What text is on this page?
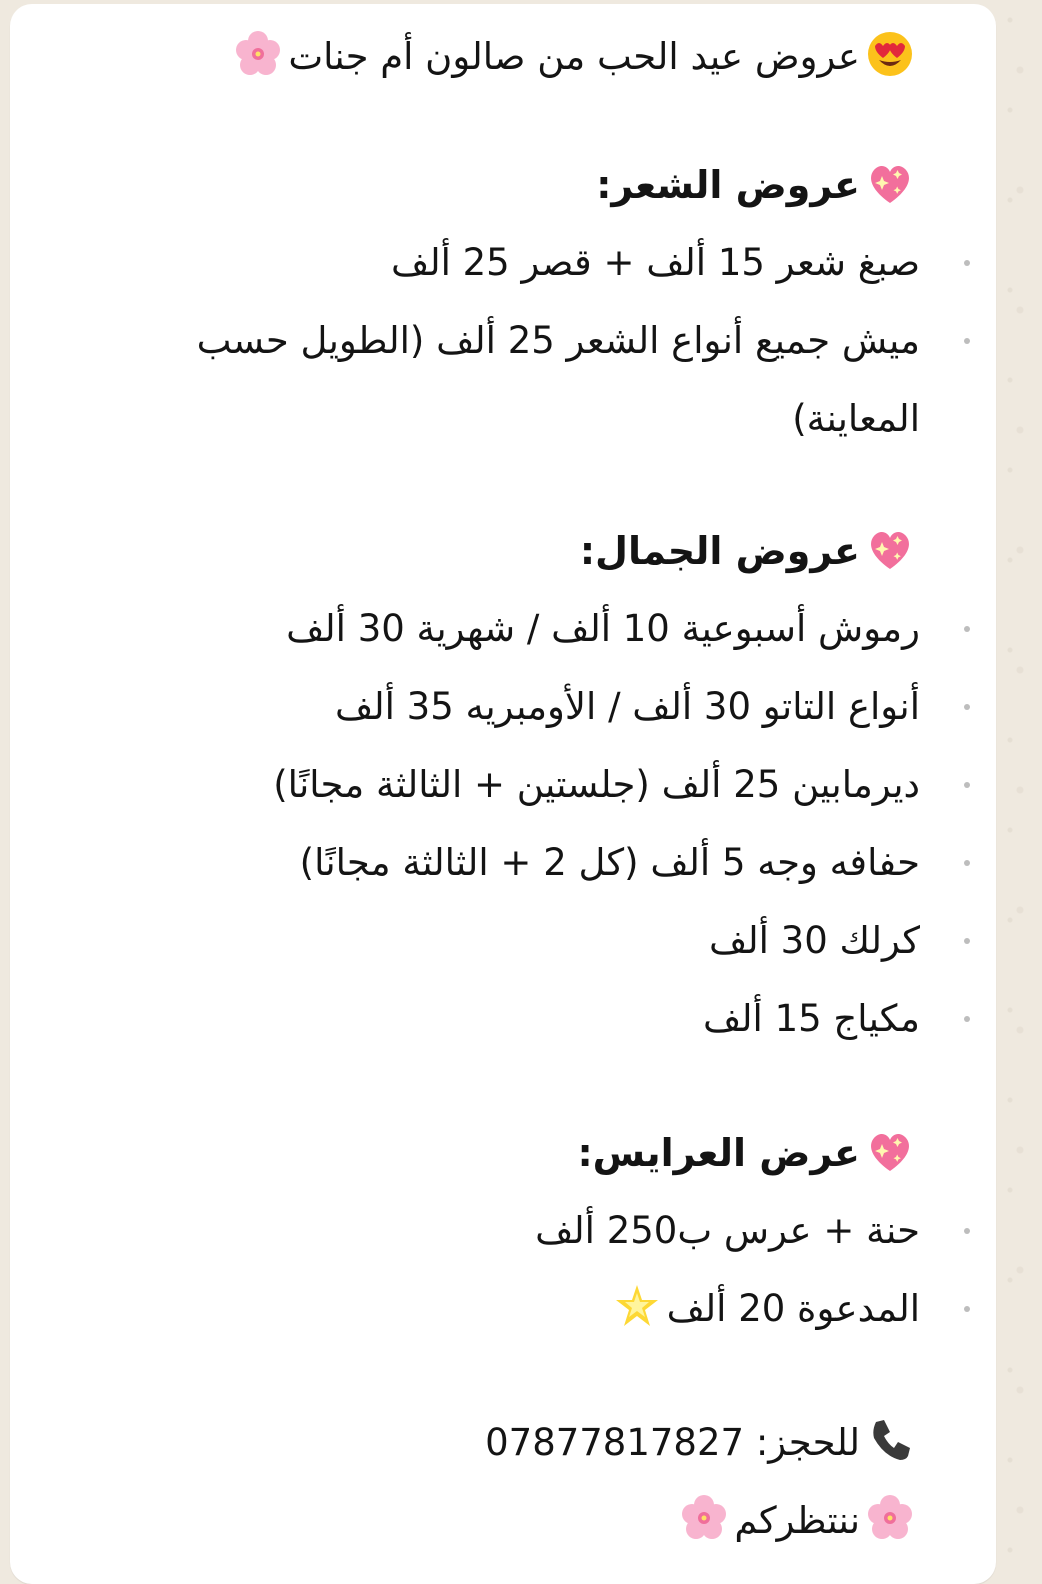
عروض عيد الحب من صالون أم جنات
عروض الشعر:
صبغ شعر 15 ألف + قصر 25 ألف
ميش جميع أنواع الشعر 25 ألف (الطويل حسب المعاينة)
عروض الجمال:
رموش أسبوعية 10 ألف / شهرية 30 ألف
أنواع التاتو 30 ألف / الأومبريه 35 ألف
ديرمابين 25 ألف (جلستين + الثالثة مجانًا)
حفافه وجه 5 ألف (كل 2 + الثالثة مجانًا)
كرلك 30 ألف
مكياج 15 ألف
عرض العرايس:
حنة + عرس ب250 ألف
المدعوة 20 ألف
للحجز: 07877817827
ننتظركم
